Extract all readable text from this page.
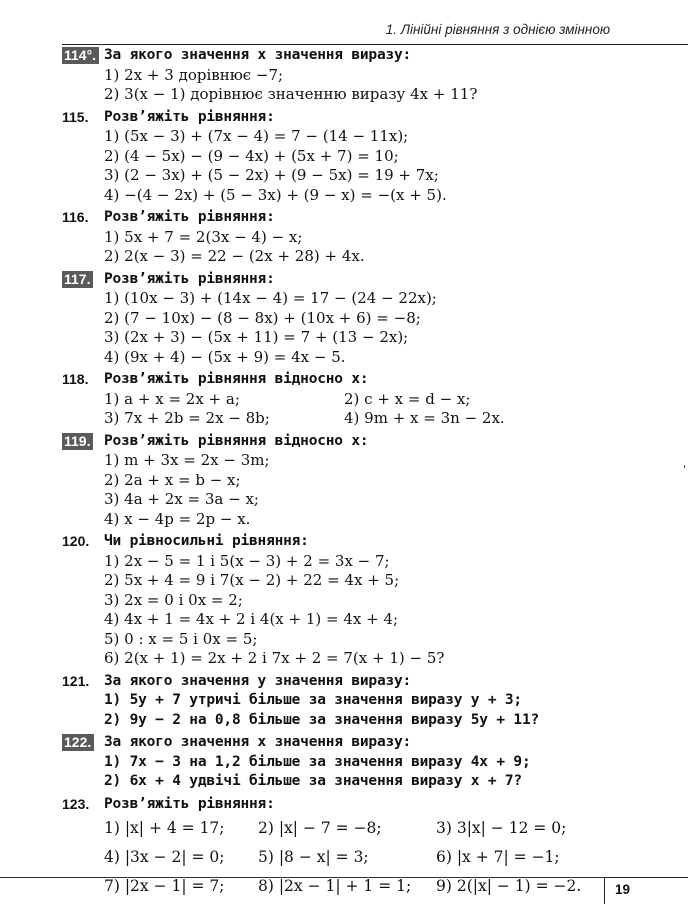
1. Лінійні рівняння з однією змінною
114°. За якого значення x значення виразу:
1) 2x + 3 дорівнює −7;
2) 3(x − 1) дорівнює значенню виразу 4x + 11?
115. Розв’яжіть рівняння:
1) (5x − 3) + (7x − 4) = 7 − (14 − 11x);
2) (4 − 5x) − (9 − 4x) + (5x + 7) = 10;
3) (2 − 3x) + (5 − 2x) + (9 − 5x) = 19 + 7x;
4) −(4 − 2x) + (5 − 3x) + (9 − x) = −(x + 5).
116. Розв’яжіть рівняння:
1) 5x + 7 = 2(3x − 4) − x;
2) 2(x − 3) = 22 − (2x + 28) + 4x.
117. Розв’яжіть рівняння:
1) (10x − 3) + (14x − 4) = 17 − (24 − 22x);
2) (7 − 10x) − (8 − 8x) + (10x + 6) = −8;
3) (2x + 3) − (5x + 11) = 7 + (13 − 2x);
4) (9x + 4) − (5x + 9) = 4x − 5.
118. Розв’яжіть рівняння відносно x:
1) a + x = 2x + a;	2) c + x = d − x;
3) 7x + 2b = 2x − 8b;	4) 9m + x = 3n − 2x.
119. Розв’яжіть рівняння відносно x:
1) m + 3x = 2x − 3m;
2) 2a + x = b − x;
3) 4a + 2x = 3a − x;
4) x − 4p = 2p − x.
120. Чи рівносильні рівняння:
1) 2x − 5 = 1 і 5(x − 3) + 2 = 3x − 7;
2) 5x + 4 = 9 і 7(x − 2) + 22 = 4x + 5;
3) 2x = 0 і 0x = 2;
4) 4x + 1 = 4x + 2 і 4(x + 1) = 4x + 4;
5) 0 : x = 5 і 0x = 5;
6) 2(x + 1) = 2x + 2 і 7x + 2 = 7(x + 1) − 5?
121. За якого значення y значення виразу:
1) 5y + 7 утричі більше за значення виразу y + 3;
2) 9y − 2 на 0,8 більше за значення виразу 5y + 11?
122. За якого значення x значення виразу:
1) 7x − 3 на 1,2 більше за значення виразу 4x + 9;
2) 6x + 4 удвічі більше за значення виразу x + 7?
123. Розв’яжіть рівняння:
1) |x| + 4 = 17; 2) |x| − 7 = −8;	3) 3|x| − 12 = 0;
4) |3x − 2| = 0; 5) |8 − x| = 3;	6) |x + 7| = −1;
7) |2x − 1| = 7; 8) |2x − 1| + 1 = 1; 9) 2(|x| − 1) = −2. 19
